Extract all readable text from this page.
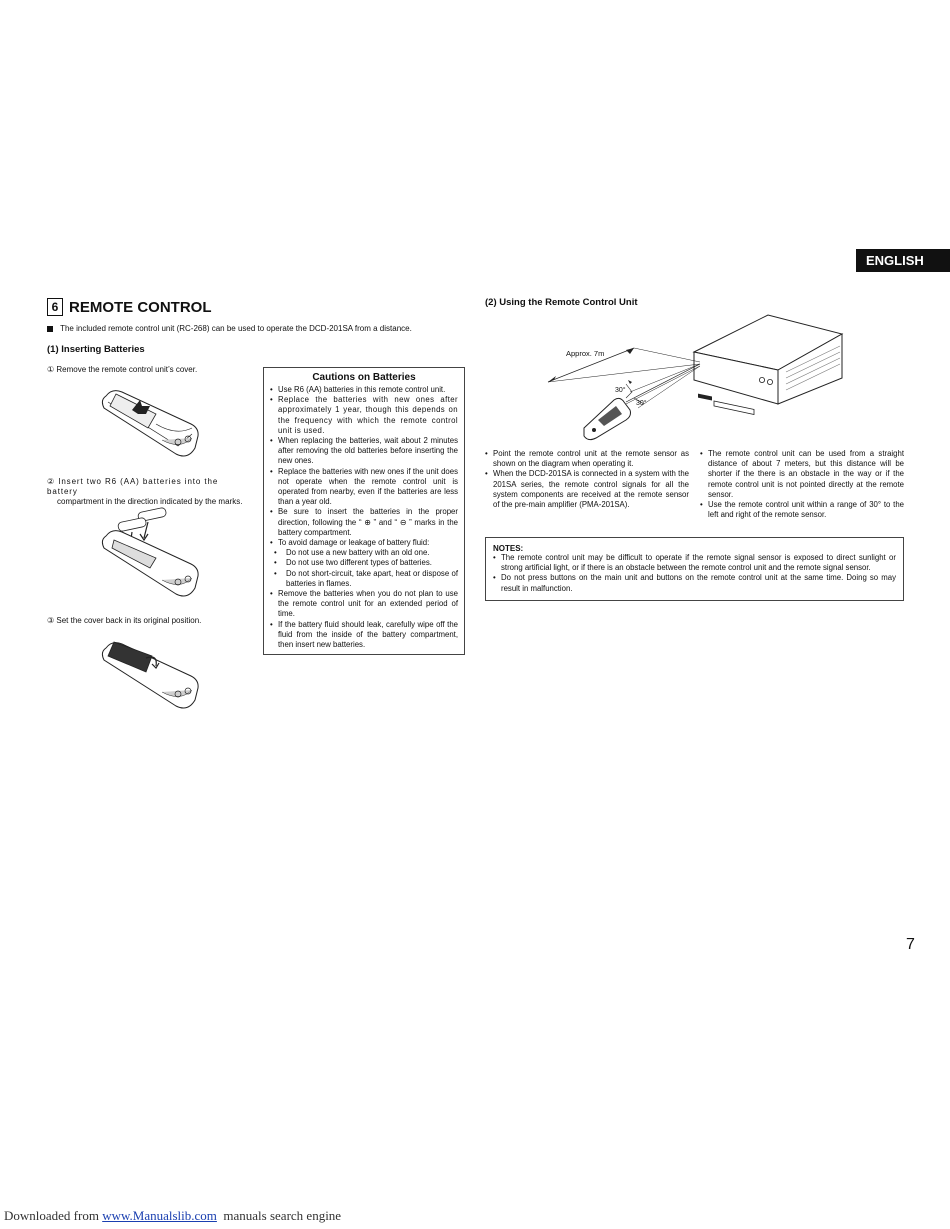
ENGLISH
6 REMOTE CONTROL
The included remote control unit (RC-268) can be used to operate the DCD-201SA from a distance.
(1) Inserting Batteries
① Remove the remote control unit’s cover.
② Insert two R6 (AA) batteries into the battery
compartment in the direction indicated by the marks.
③ Set the cover back in its original position.
Cautions on Batteries
• Use R6 (AA) batteries in this remote control unit.
• Replace the batteries with new ones after approximately 1 year, though this depends on the frequency with which the remote control unit is used.
• When replacing the batteries, wait about 2 minutes after removing the old batteries before inserting the new ones.
• Replace the batteries with new ones if the unit does not operate when the remote control unit is operated from nearby, even if the batteries are less than a year old.
• Be sure to insert the batteries in the proper direction, following the “ ⊕ ” and “ ⊖ ” marks in the battery compartment.
• To avoid damage or leakage of battery fluid:
• Do not use a new battery with an old one.
• Do not use two different types of batteries.
• Do not short-circuit, take apart, heat or dispose of batteries in flames.
• Remove the batteries when you do not plan to use the remote control unit for an extended period of time.
• If the battery fluid should leak, carefully wipe off the fluid from the inside of the battery compartment, then insert new batteries.
(2) Using the Remote Control Unit
Approx. 7m
30°
30°
• Point the remote control unit at the remote sensor as shown on the diagram when operating it.
• When the DCD-201SA is connected in a system with the 201SA series, the remote control signals for all the system components are received at the remote sensor of the pre-main amplifier (PMA-201SA).
• The remote control unit can be used from a straight distance of about 7 meters, but this distance will be shorter if the there is an obstacle in the way or if the remote control unit is not pointed directly at the remote sensor.
• Use the remote control unit within a range of 30° to the left and right of the remote sensor.
NOTES:
• The remote control unit may be difficult to operate if the remote signal sensor is exposed to direct sunlight or strong artificial light, or if there is an obstacle between the remote control unit and the remote signal sensor.
• Do not press buttons on the main unit and buttons on the remote control unit at the same time. Doing so may result in malfunction.
7
Downloaded from www.Manualslib.com  manuals search engine
